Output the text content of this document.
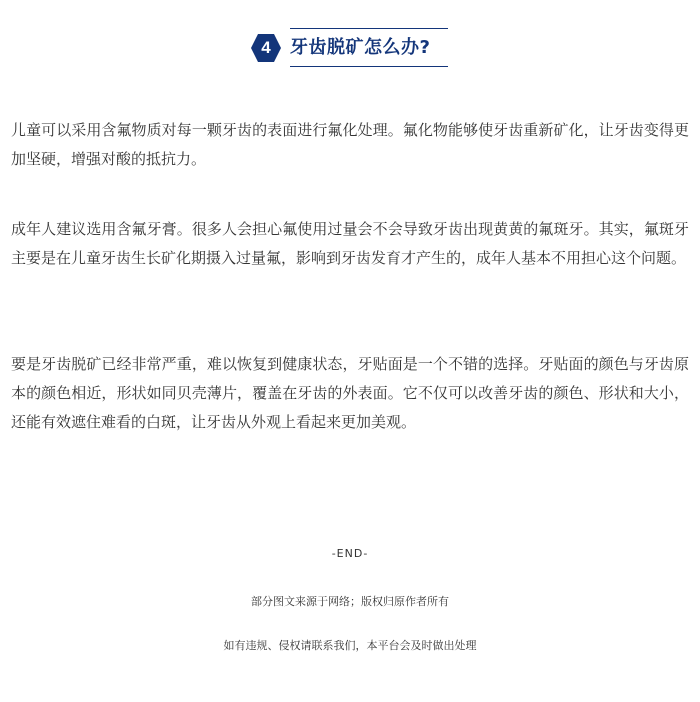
4	牙齿脱矿怎么办?

儿童可以采用含氟物质对每一颗牙齿的表面进行氟化处理。氟化物能够使牙齿重新矿化，让牙齿变得更加坚硬，增强对酸的抵抗力。

成年人建议选用含氟牙膏。很多人会担心氟使用过量会不会导致牙齿出现黄黄的氟斑牙。其实，氟斑牙主要是在儿童牙齿生长矿化期摄入过量氟，影响到牙齿发育才产生的，成年人基本不用担心这个问题。

要是牙齿脱矿已经非常严重，难以恢复到健康状态，牙贴面是一个不错的选择。牙贴面的颜色与牙齿原本的颜色相近，形状如同贝壳薄片，覆盖在牙齿的外表面。它不仅可以改善牙齿的颜色、形状和大小，还能有效遮住难看的白斑，让牙齿从外观上看起来更加美观。

-END-

部分图文来源于网络；版权归原作者所有

如有违规、侵权请联系我们，本平台会及时做出处理
